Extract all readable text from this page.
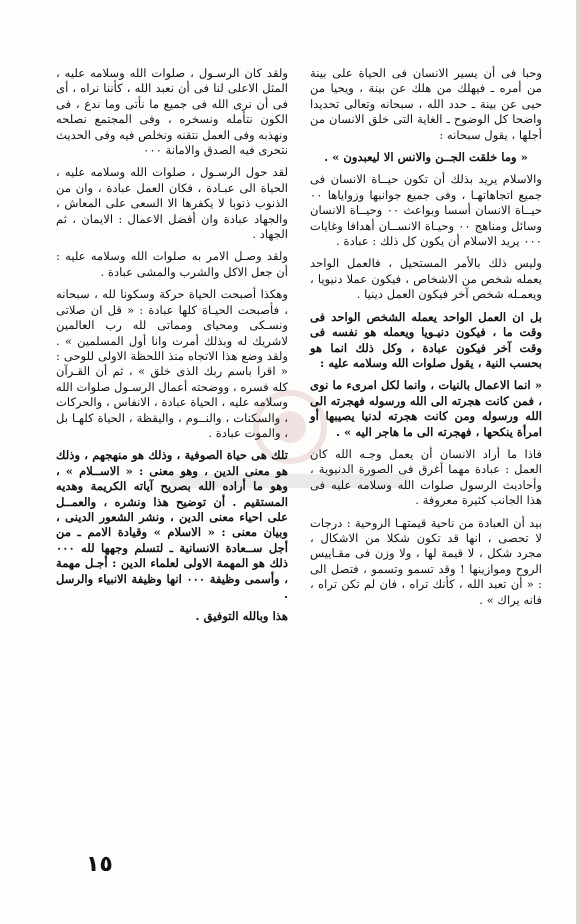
وحبا فى أن يسير الانسان فى الحياة على بينة من أمره ـ فيهلك من هلك عن بينة ، ويحيا من حيى عن بينة ـ حدد الله ، سبحانه وتعالى تحديدا واضحا كل الوضوح ـ الغاية التى خلق الانسان من أجلها ، يقول سبحانه :

« وما خلقت الجــن والانس الا ليعبدون » .

والاسلام يريد بذلك أن تكون حيــاة الانسان فى جميع اتجاهاتهـا ، وفى جميع جوانبها وزواياها ٠٠ حيــاة الانسان أسسا وبواعث ٠٠ وحيــاة الانسان وسائل ومناهج ٠٠ وحيـاة الانســان أهدافا وغايات ٠٠٠ يريد الاسلام أن يكون كل ذلك : عبادة .

وليس ذلك بالأمر المستحيل ، فالعمل الواحد يعمله شخص من الاشخاص ، فيكون عملا دنيويا ، ويعمـله شخص آخر فيكون العمل دينيا .

بل ان العمل الواحد يعمله الشخص الواحد فى وقت ما ، فيكون دنيـويا ويعمله هو نفسه فى وقت آخر فيكون عبادة ، وكل ذلك انما هو بحسب النية ، يقول صلوات الله وسلامه عليه :

« انما الاعمال بالنيات ، وانما لكل امرىء ما نوى ، فمن كانت هجرته الى الله ورسوله فهجرته الى الله ورسوله ومن كانت هجرته لدنيا يصيبها أو امرأة ينكحها ، فهجرته الى ما هاجر اليه » .

فاذا ما أراد الانسان أن يعمل وجـه الله كان العمل : عبادة مهما أغرق فى الصورة الدنيوية ، وأحاديث الرسول صلوات الله وسلامه عليه فى هذا الجانب كثيرة معروفة .

بيد أن العبادة من ناحية قيمتهـا الروحية : درجات لا تحصى ، انها قد تكون شكلا من الاشكال ، مجرد شكل ، لا قيمة لها ، ولا وزن فى مقـاييس الروح وموازينها ! وقد تسمو وتسمو ، فتصل الى : « أن تعبد الله ، كأنك تراه ، فان لم تكن تراه ، فانه يراك » .

ولقد كان الرسـول ، صلوات الله وسلامه عليه ، المثل الاعلى لنا فى أن نعبد الله ، كأننا نراه ، أى فى أن نرى الله فى جميع ما نأتى وما ندع ، فى الكون نتأمله ونسخره ، وفى المجتمع نصلحه ونهذبه وفى العمل نتقنه ونخلص فيه وفى الحديث نتحرى فيه الصدق والامانة ٠٠٠

لقد حول الرسـول ، صلوات الله وسلامه عليه ، الحياة الى عبـادة ، فكان العمل عبادة ، وان من الذنوب ذنوبا لا يكفرها الا السعى على المعاش ، والجهاد عبادة وان أفضل الاعمال : الايمان ، ثم الجهاد .

ولقد وصـل الامر به صلوات الله وسلامه عليه : أن جعل الاكل والشرب والمشى عبادة .

وهكذا أصبحت الحياة حركة وسكونا لله ، سبحانه ، فأصبحت الحيـاة كلها عبادة : « قل ان صلاتى ونسـكى ومحياى ومماتى لله رب العالمين لاشريك له وبذلك أمرت وانا أول المسلمين » . ولقد وضع هذا الاتجاه منذ اللحظة الاولى للوحى : « اقرا باسم ربك الذى خلق » ، ثم أن القـرآن كله فسره ، ووضحته أعمال الرسـول صلوات الله وسلامه عليه ، الحياة عبادة ، الانفاس ، والحركات ، والسكنات ، والنــوم ، واليقظة ، الحياة كلهـا بل ، والموت عبادة .

تلك هى حياة الصوفية ، وذلك هو منهجهم ، وذلك هو معنى الدين ، وهو معنى : « الاســلام » ، وهو ما أراده الله بصريح آياته الكريمة وهديه المستقيم . أن توضيح هذا ونشره ، والعمــل على احياء معنى الدين ، ونشر الشعور الدينى ، وبيان معنى : « الاسلام » وقيادة الامم ـ من أجل ســعادة الانسانية ـ لتسلم وجهها لله ٠٠٠ ذلك هو المهمة الاولى لعلماء الدين : أجـل مهمة ، وأسمى وظيفة ٠٠٠ انها وظيفة الانبياء والرسل .

هذا وبالله التوفيق .

١٥
